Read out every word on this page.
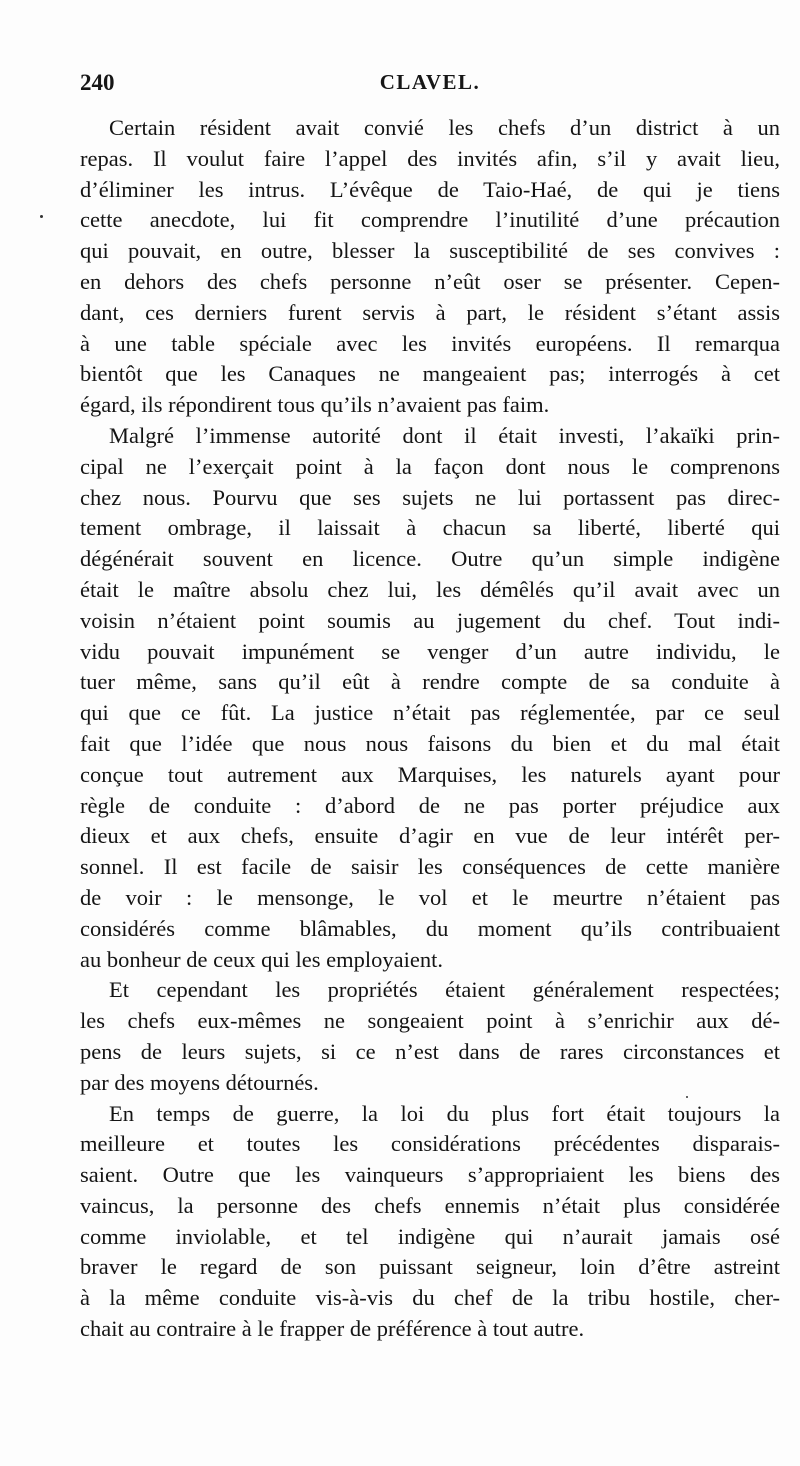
240	CLAVEL.
Certain résident avait convié les chefs d’un district à un
repas. Il voulut faire l’appel des invités afin, s’il y avait lieu,
d’éliminer les intrus. L’évêque de Taio-Haé, de qui je tiens
cette anecdote, lui fit comprendre l’inutilité d’une précaution
qui pouvait, en outre, blesser la susceptibilité de ses convives :
en dehors des chefs personne n’eût oser se présenter. Cepen-
dant, ces derniers furent servis à part, le résident s’étant assis
à une table spéciale avec les invités européens. Il remarqua
bientôt que les Canaques ne mangeaient pas; interrogés à cet
égard, ils répondirent tous qu’ils n’avaient pas faim.
Malgré l’immense autorité dont il était investi, l’akaïki prin-
cipal ne l’exerçait point à la façon dont nous le comprenons
chez nous. Pourvu que ses sujets ne lui portassent pas direc-
tement ombrage, il laissait à chacun sa liberté, liberté qui
dégénérait souvent en licence. Outre qu’un simple indigène
était le maître absolu chez lui, les démêlés qu’il avait avec un
voisin n’étaient point soumis au jugement du chef. Tout indi-
vidu pouvait impunément se venger d’un autre individu, le
tuer même, sans qu’il eût à rendre compte de sa conduite à
qui que ce fût. La justice n’était pas réglementée, par ce seul
fait que l’idée que nous nous faisons du bien et du mal était
conçue tout autrement aux Marquises, les naturels ayant pour
règle de conduite : d’abord de ne pas porter préjudice aux
dieux et aux chefs, ensuite d’agir en vue de leur intérêt per-
sonnel. Il est facile de saisir les conséquences de cette manière
de voir : le mensonge, le vol et le meurtre n’étaient pas
considérés comme blâmables, du moment qu’ils contribuaient
au bonheur de ceux qui les employaient.
Et cependant les propriétés étaient généralement respectées;
les chefs eux-mêmes ne songeaient point à s’enrichir aux dé-
pens de leurs sujets, si ce n’est dans de rares circonstances et
par des moyens détournés.
En temps de guerre, la loi du plus fort était toujours la
meilleure et toutes les considérations précédentes disparais-
saient. Outre que les vainqueurs s’appropriaient les biens des
vaincus, la personne des chefs ennemis n’était plus considérée
comme inviolable, et tel indigène qui n’aurait jamais osé
braver le regard de son puissant seigneur, loin d’être astreint
à la même conduite vis-à-vis du chef de la tribu hostile, cher-
chait au contraire à le frapper de préférence à tout autre.
